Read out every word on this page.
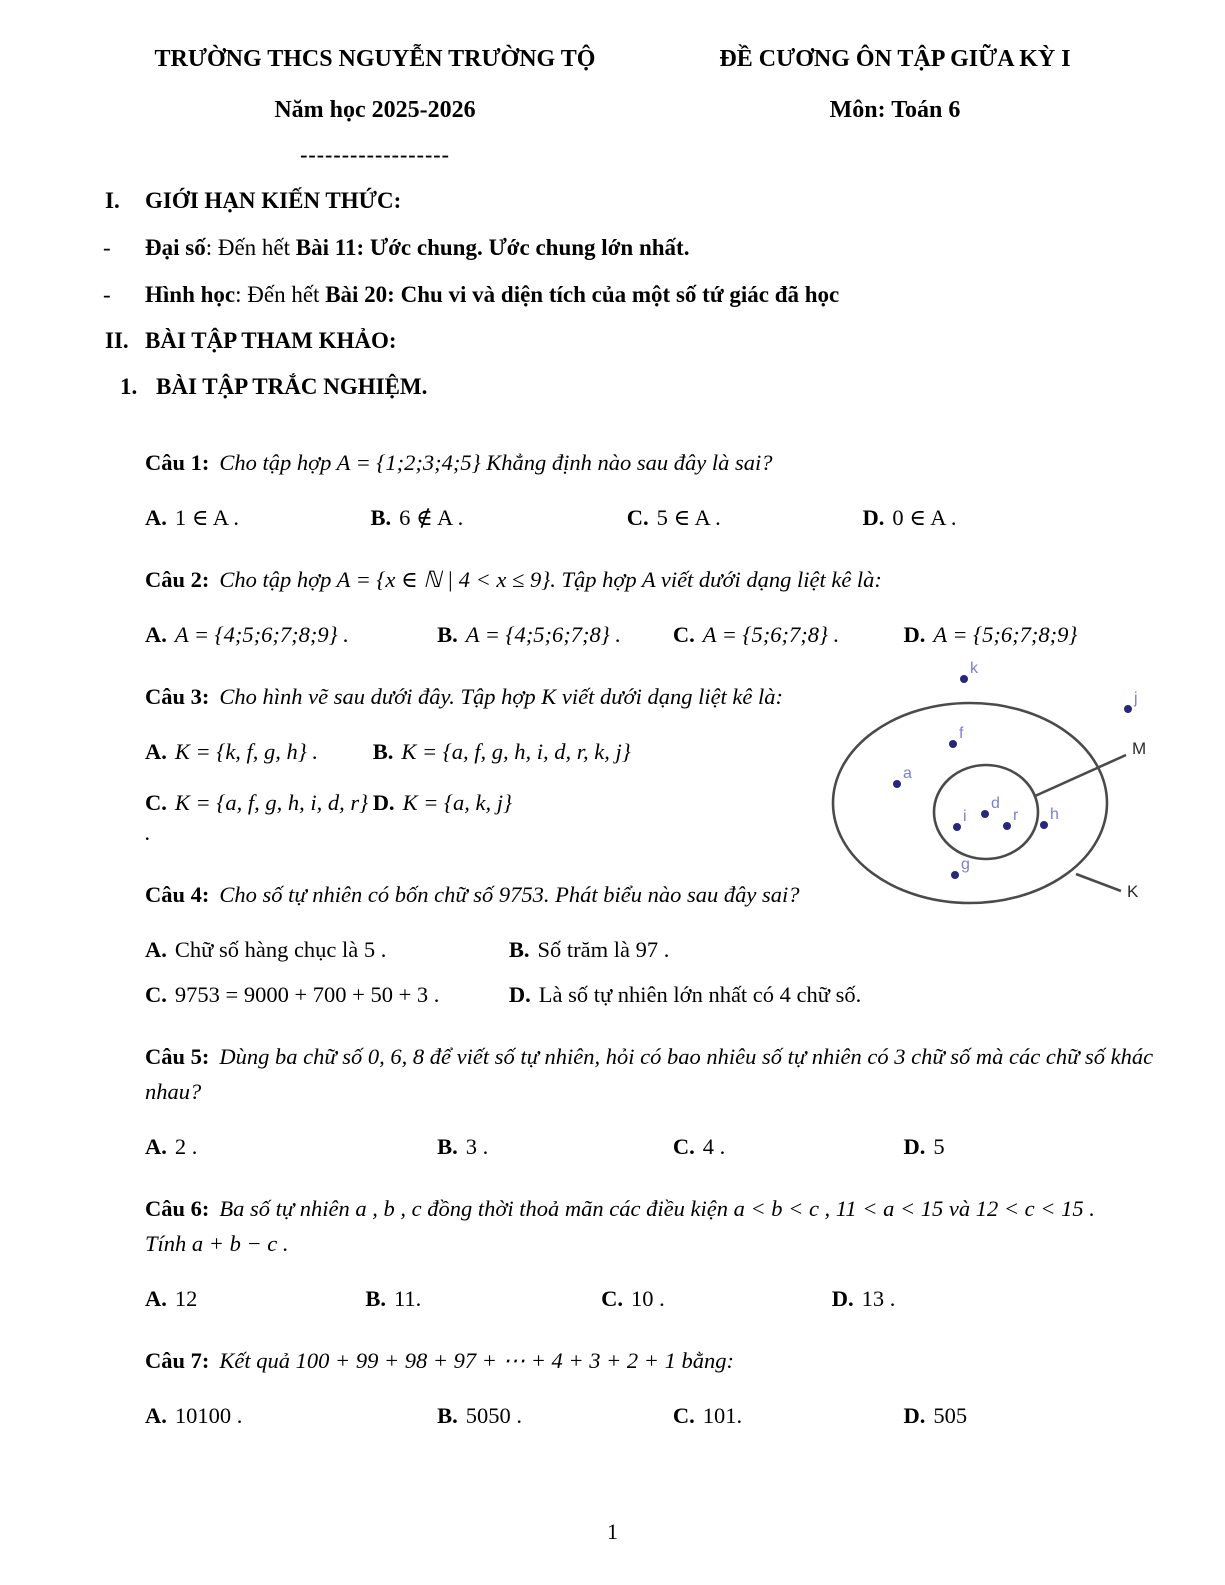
TRƯỜNG THCS NGUYỄN TRƯỜNG TỘ
Năm học 2025-2026
------------------
ĐỀ CƯƠNG ÔN TẬP GIỮA KỲ I
Môn: Toán 6
I.	GIỚI HẠN KIẾN THỨC:
-	Đại số: Đến hết Bài 11: Ước chung. Ước chung lớn nhất.
-	Hình học: Đến hết Bài 20: Chu vi và diện tích của một số tứ giác đã học
II. BÀI TẬP THAM KHẢO:
1. BÀI TẬP TRẮC NGHIỆM.

Câu 1: Cho tập hợp A = {1;2;3;4;5} Khẳng định nào sau đây là sai?

A. 1 ∈ A .	B. 6 ∉ A .	C. 5 ∈ A .	D. 0 ∈ A .

Câu 2: Cho tập hợp A = {x ∈ ℕ | 4 < x ≤ 9}. Tập hợp A viết dưới dạng liệt kê là:

A. A = {4;5;6;7;8;9} .	B. A = {4;5;6;7;8} .	C. A = {5;6;7;8} .	D. A = {5;6;7;8;9}

Câu 3: Cho hình vẽ sau dưới đây. Tập hợp K viết dưới dạng liệt kê là:

A. K = {k, f, g, h} .	B. K = {a, f, g, h, i, d, r, k, j}
C. K = {a, f, g, h, i, d, r} .
D. K = {a, k, j}

Câu 4: Cho số tự nhiên có bốn chữ số 9753. Phát biểu nào sau đây sai?

A. Chữ số hàng chục là 5 .	B. Số trăm là 97 .
C. 9753 = 9000 + 700 + 50 + 3 .	D. Là số tự nhiên lớn nhất có 4 chữ số.

Câu 5: Dùng ba chữ số 0, 6, 8 để viết số tự nhiên, hỏi có bao nhiêu số tự nhiên có 3 chữ số mà các chữ số khác nhau?

A. 2 .	B. 3 .	C. 4 .	D. 5

Câu 6: Ba số tự nhiên a , b , c đồng thời thoả mãn các điều kiện a < b < c , 11 < a < 15 và 12 < c < 15 .
Tính a + b − c .

A. 12	B. 11.	C. 10 .	D. 13 .

Câu 7: Kết quả 100 + 99 + 98 + 97 + ⋯ + 4 + 3 + 2 + 1 bằng:

A. 10100 .	B. 5050 .	C. 101.	D. 505
k
j
f
a
d
i	r h
g
M
K
1
